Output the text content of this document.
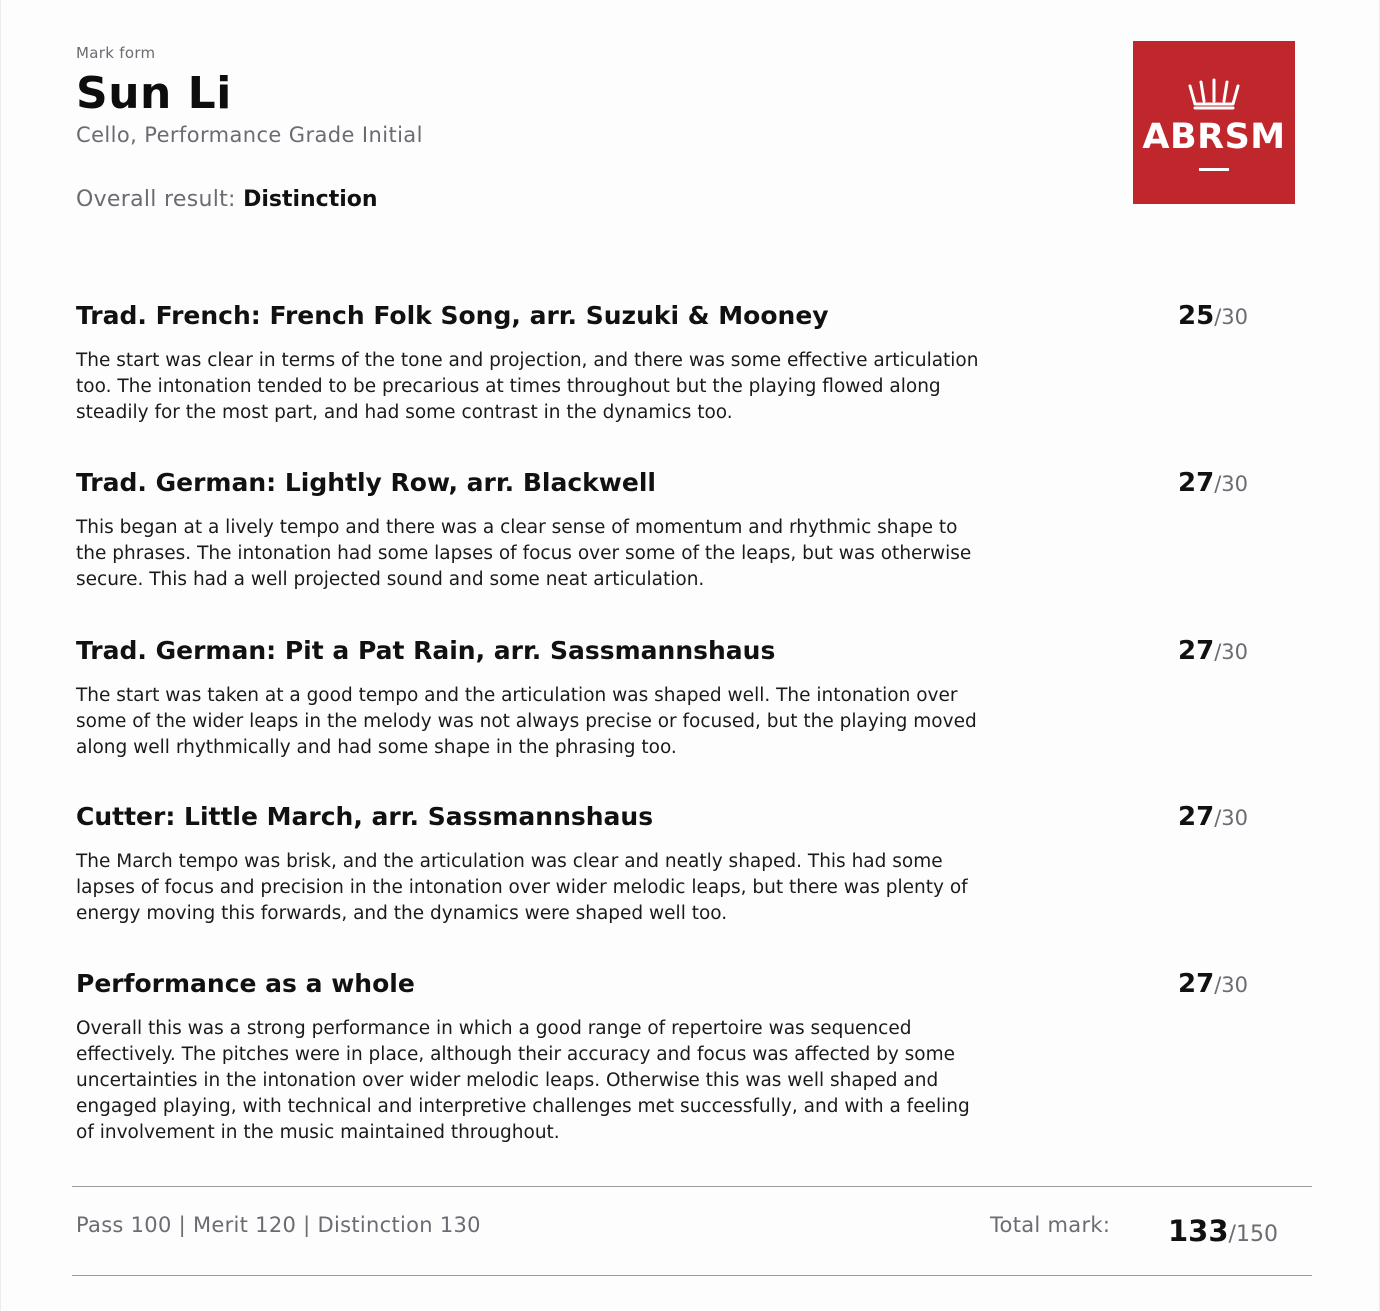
Mark form
Sun Li
Cello, Performance Grade Initial
Overall result: Distinction
ABRSM
Trad. French: French Folk Song, arr. Suzuki & Mooney	25/30
The start was clear in terms of the tone and projection, and there was some effective articulation too. The intonation tended to be precarious at times throughout but the playing flowed along steadily for the most part, and had some contrast in the dynamics too.
Trad. German: Lightly Row, arr. Blackwell	27/30
This began at a lively tempo and there was a clear sense of momentum and rhythmic shape to the phrases. The intonation had some lapses of focus over some of the leaps, but was otherwise secure. This had a well projected sound and some neat articulation.
Trad. German: Pit a Pat Rain, arr. Sassmannshaus	27/30
The start was taken at a good tempo and the articulation was shaped well. The intonation over some of the wider leaps in the melody was not always precise or focused, but the playing moved along well rhythmically and had some shape in the phrasing too.
Cutter: Little March, arr. Sassmannshaus	27/30
The March tempo was brisk, and the articulation was clear and neatly shaped. This had some lapses of focus and precision in the intonation over wider melodic leaps, but there was plenty of energy moving this forwards, and the dynamics were shaped well too.
Performance as a whole	27/30
Overall this was a strong performance in which a good range of repertoire was sequenced effectively. The pitches were in place, although their accuracy and focus was affected by some uncertainties in the intonation over wider melodic leaps. Otherwise this was well shaped and engaged playing, with technical and interpretive challenges met successfully, and with a feeling of involvement in the music maintained throughout.
Pass 100 | Merit 120 | Distinction 130	Total mark: 133/150
